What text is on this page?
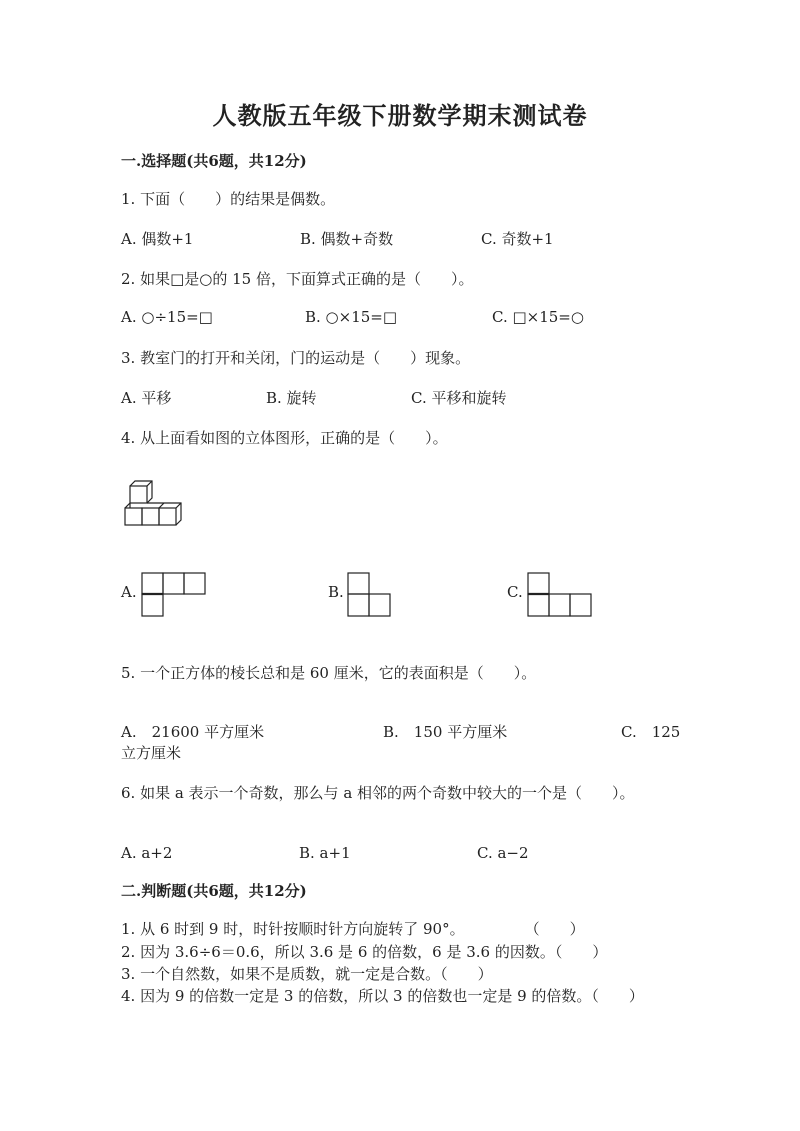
人教版五年级下册数学期末测试卷
一.选择题(共6题，共12分)
1. 下面（　　）的结果是偶数。
A. 偶数+1	B. 偶数+奇数	C. 奇数+1
2. 如果□是○的 15 倍，下面算式正确的是（　　）。
A. ○÷15=□	B. ○×15=□	C. □×15=○
3. 教室门的打开和关闭，门的运动是（　　）现象。
A. 平移	B. 旋转	C. 平移和旋转
4. 从上面看如图的立体图形，正确的是（　　）。
A.	B.	C.
5. 一个正方体的棱长总和是 60 厘米，它的表面积是（　　）。
A.　21600 平方厘米	B.　150 平方厘米	C.　125
立方厘米
6. 如果 a 表示一个奇数，那么与 a 相邻的两个奇数中较大的一个是（　　）。
A. a+2	B. a+1	C. a−2
二.判断题(共6题，共12分)
1. 从 6 时到 9 时，时针按顺时针方向旋转了 90°。　　　　　（　　）
2. 因为 3.6÷6＝0.6，所以 3.6 是 6 的倍数，6 是 3.6 的因数。（　　）
3. 一个自然数，如果不是质数，就一定是合数。（　　）
4. 因为 9 的倍数一定是 3 的倍数，所以 3 的倍数也一定是 9 的倍数。（　　）
